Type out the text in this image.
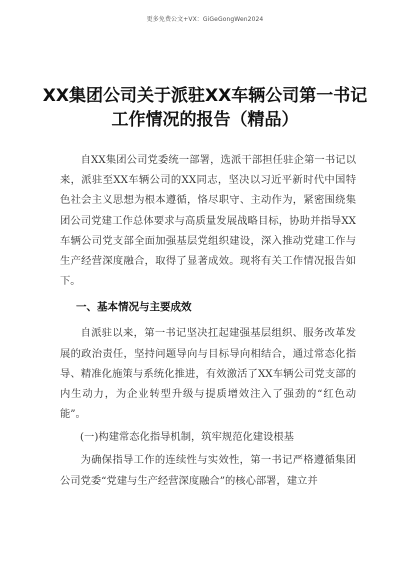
更多免费公文+VX：GiGeGongWen2024
XX集团公司关于派驻XX车辆公司第一书记工作情况的报告（精品）

自XX集团公司党委统一部署，选派干部担任驻企第一书记以来，派驻至XX车辆公司的XX同志，坚决以习近平新时代中国特色社会主义思想为根本遵循，恪尽职守、主动作为，紧密围绕集团公司党建工作总体要求与高质量发展战略目标，协助并指导XX车辆公司党支部全面加强基层党组织建设，深入推动党建工作与生产经营深度融合，取得了显著成效。现将有关工作情况报告如下。

一、基本情况与主要成效

自派驻以来，第一书记坚决扛起建强基层组织、服务改革发展的政治责任，坚持问题导向与目标导向相结合，通过常态化指导、精准化施策与系统化推进，有效激活了XX车辆公司党支部的内生动力，为企业转型升级与提质增效注入了强劲的“红色动能”。

(一)构建常态化指导机制，筑牢规范化建设根基

为确保指导工作的连续性与实效性，第一书记严格遵循集团公司党委“党建与生产经营深度融合”的核心部署，建立并
